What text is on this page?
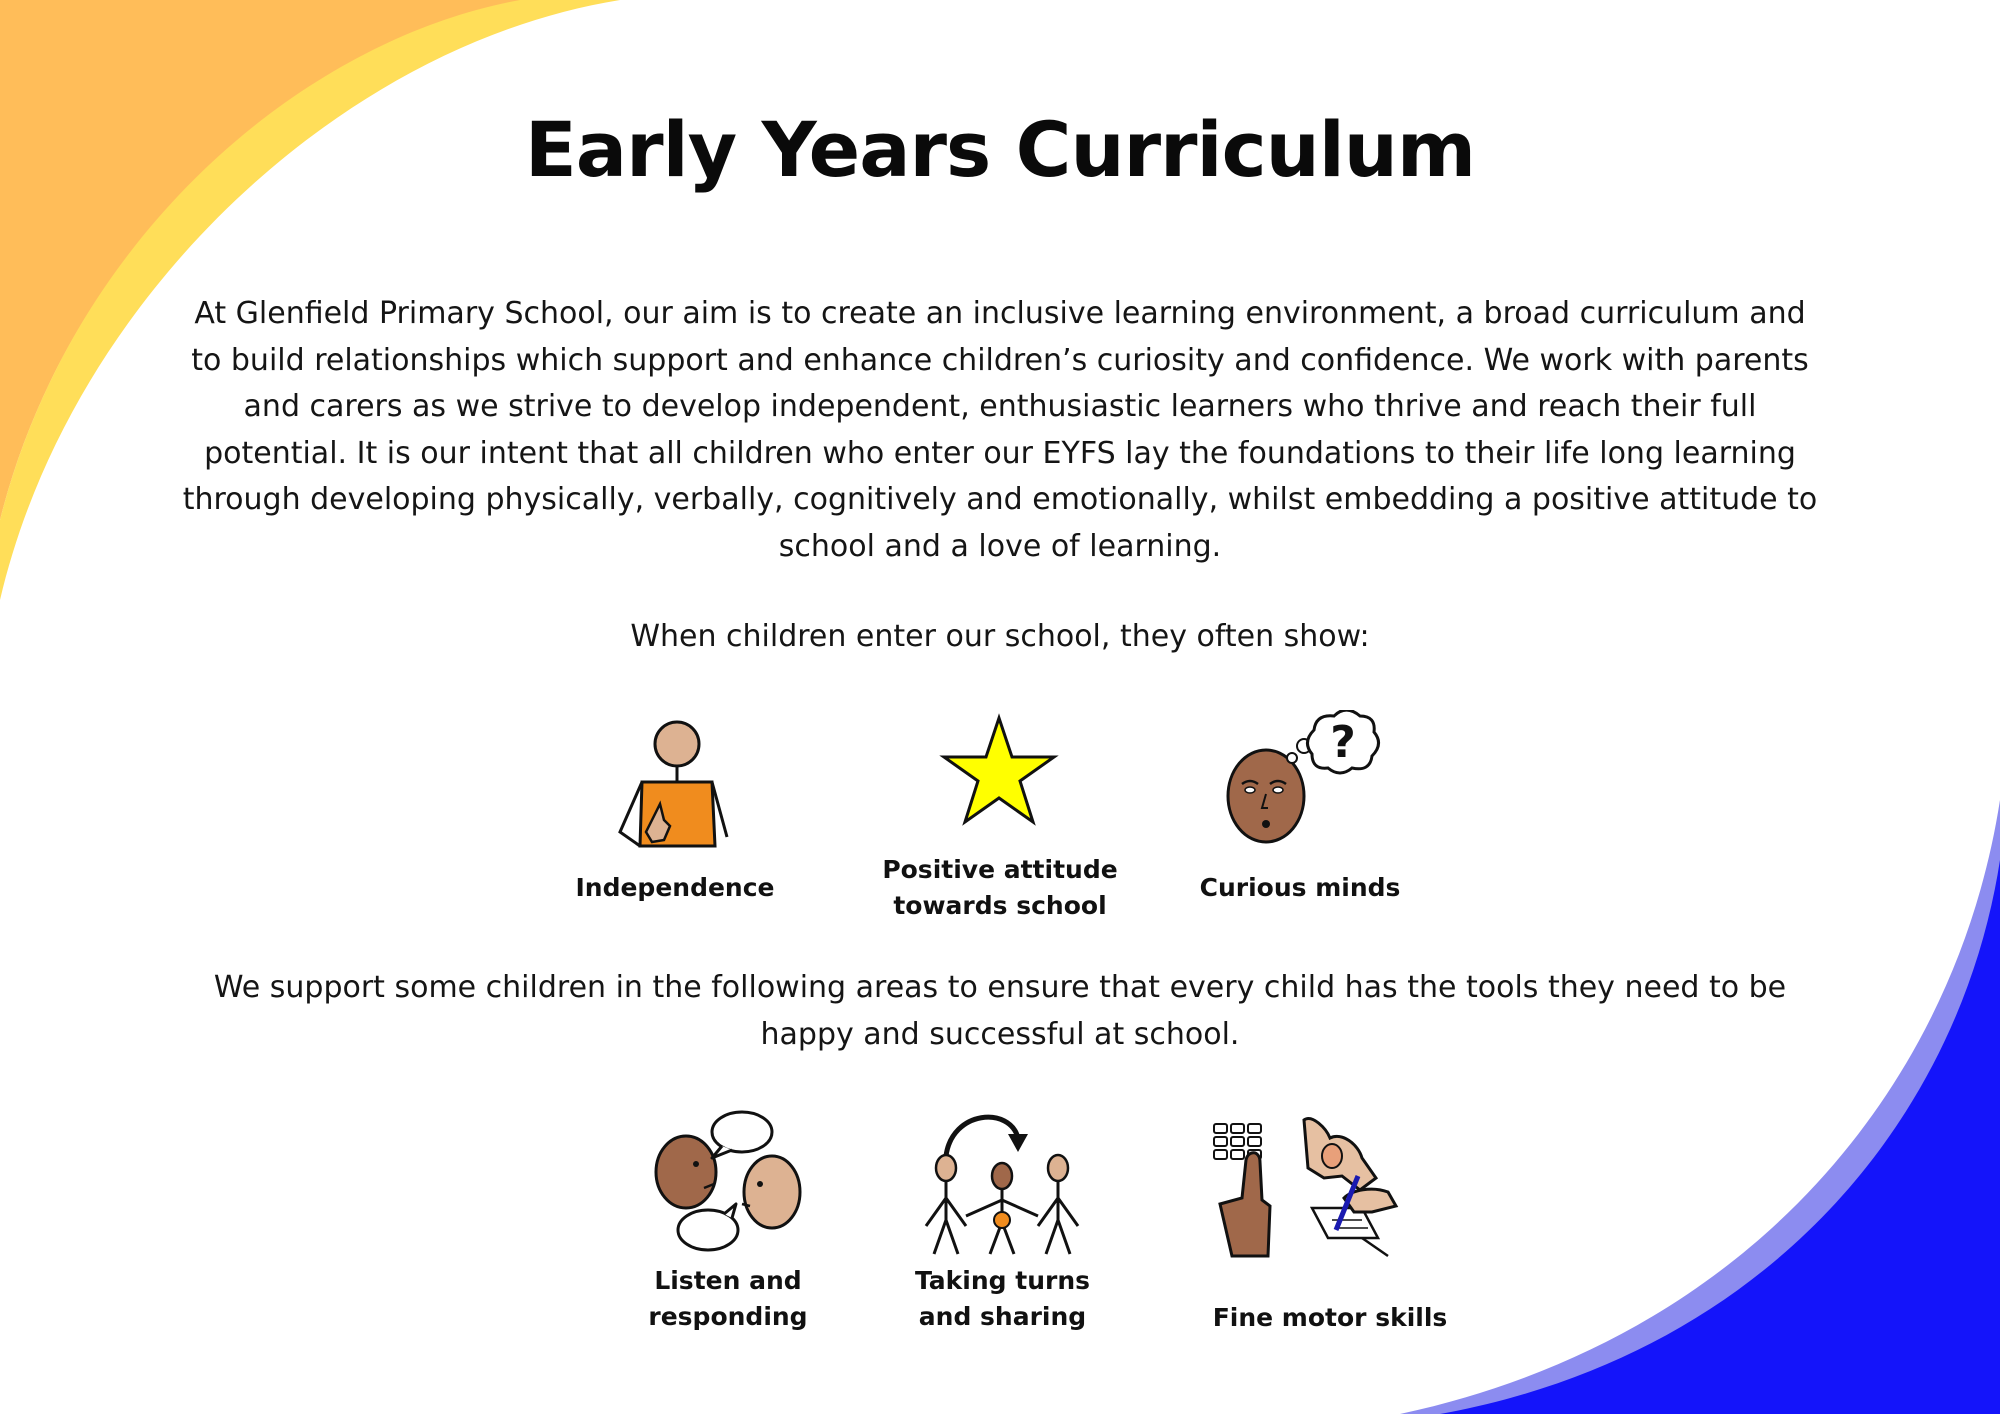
Early Years Curriculum

At Glenfield Primary School, our aim is to create an inclusive learning environment, a broad curriculum and
to build relationships which support and enhance children’s curiosity and confidence. We work with parents
and carers as we strive to develop independent, enthusiastic learners who thrive and reach their full
potential. It is our intent that all children who enter our EYFS lay the foundations to their life long learning
through developing physically, verbally, cognitively and emotionally, whilst embedding a positive attitude to
school and a love of learning.

When children enter our school, they often show:

Independence

Positive attitude
towards school

?

Curious minds

We support some children in the following areas to ensure that every child has the tools they need to be
happy and successful at school.

Listen and
responding

Taking turns
and sharing	Fine motor skills
